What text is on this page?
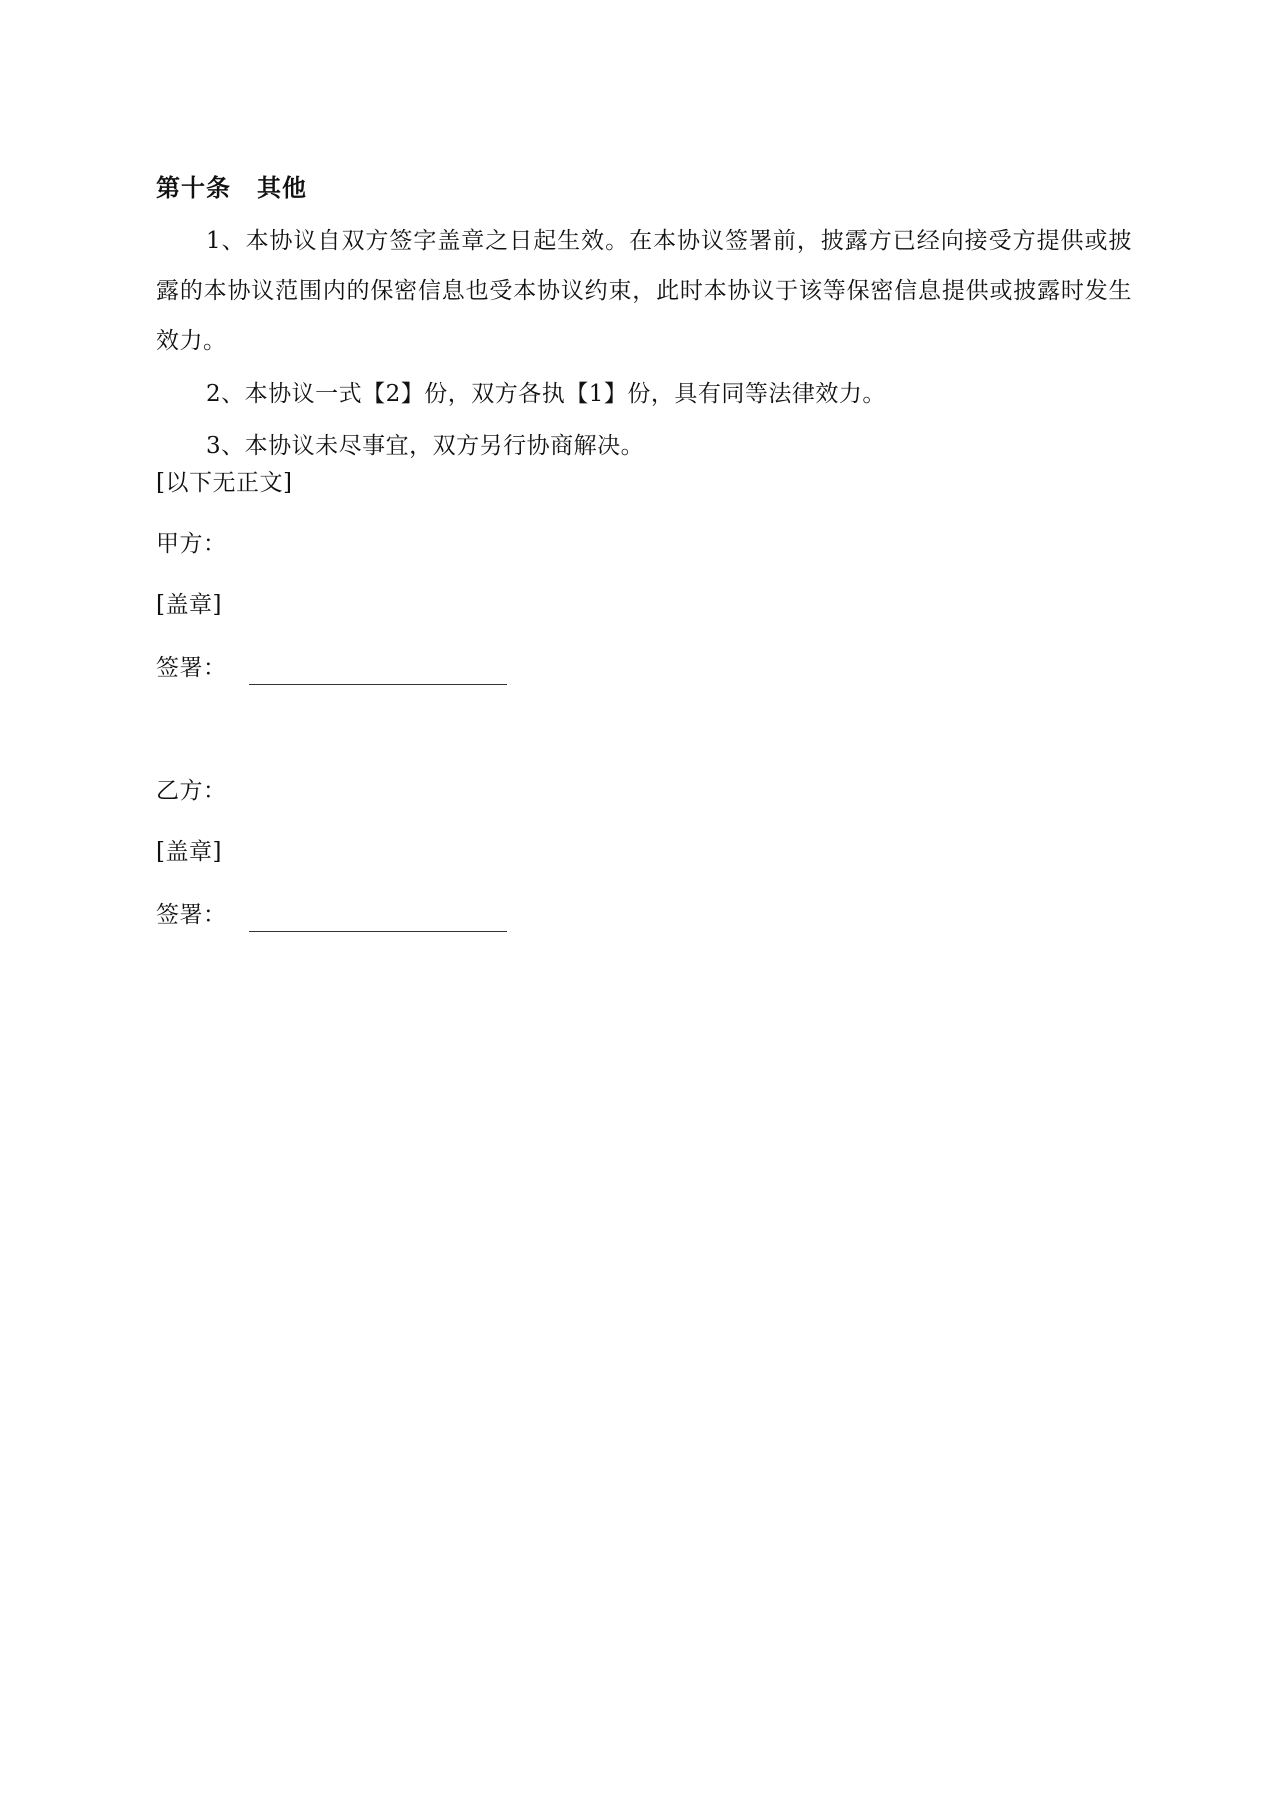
第十条 其他
1、本协议自双方签字盖章之日起生效。在本协议签署前，披露方已经向接受方提供或披露的本协议范围内的保密信息也受本协议约束，此时本协议于该等保密信息提供或披露时发生效力。
2、本协议一式【2】份，双方各执【1】份，具有同等法律效力。
3、本协议未尽事宜，双方另行协商解决。
[以下无正文]
甲方：
[盖章]
签署：
乙方：
[盖章]
签署：
